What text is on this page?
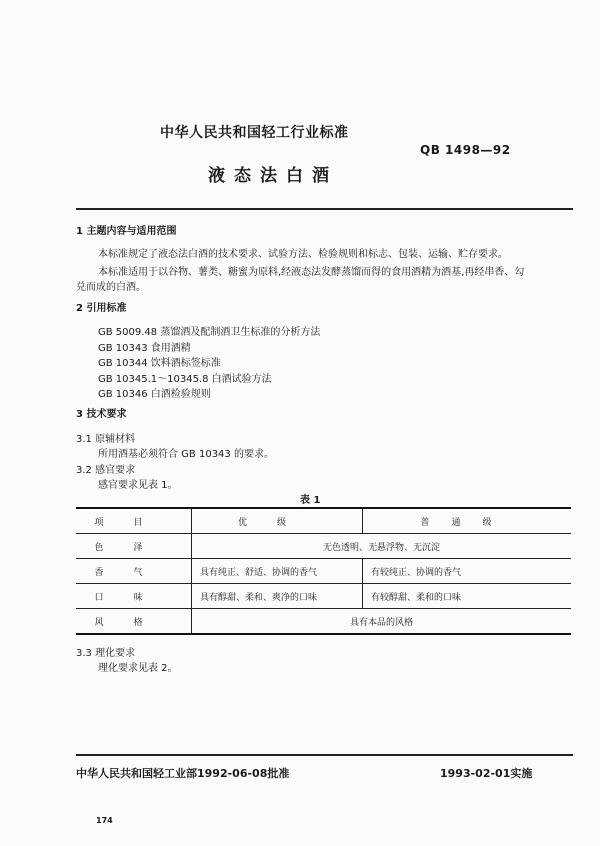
中华人民共和国轻工行业标准
QB 1498—92
液态法白酒
1 主题内容与适用范围
本标准规定了液态法白酒的技术要求、试验方法、检验规则和标志、包装、运输、贮存要求。
本标准适用于以谷物、薯类、糖蜜为原料,经液态法发酵蒸馏而得的食用酒精为酒基,再经串香、勾
兑而成的白酒。
2 引用标准
GB 5009.48 蒸馏酒及配制酒卫生标准的分析方法
GB 10343 食用酒精
GB 10344 饮料酒标签标准
GB 10345.1～10345.8 白酒试验方法
GB 10346 白酒检验规则
3 技术要求
3.1 原辅材料
所用酒基必须符合 GB 10343 的要求。
3.2 感官要求
感官要求见表 1。
表 1
项目	优级	普通级
色泽	无色透明、无悬浮物、无沉淀	
香气	具有纯正、舒适、协调的香气	有较纯正、协调的香气
口味	具有醇甜、柔和、爽净的口味	有较醇甜、柔和的口味
风格	具有本品的风格	
3.3 理化要求
理化要求见表 2。
中华人民共和国轻工业部1992-06-08批准	1993-02-01实施
174
